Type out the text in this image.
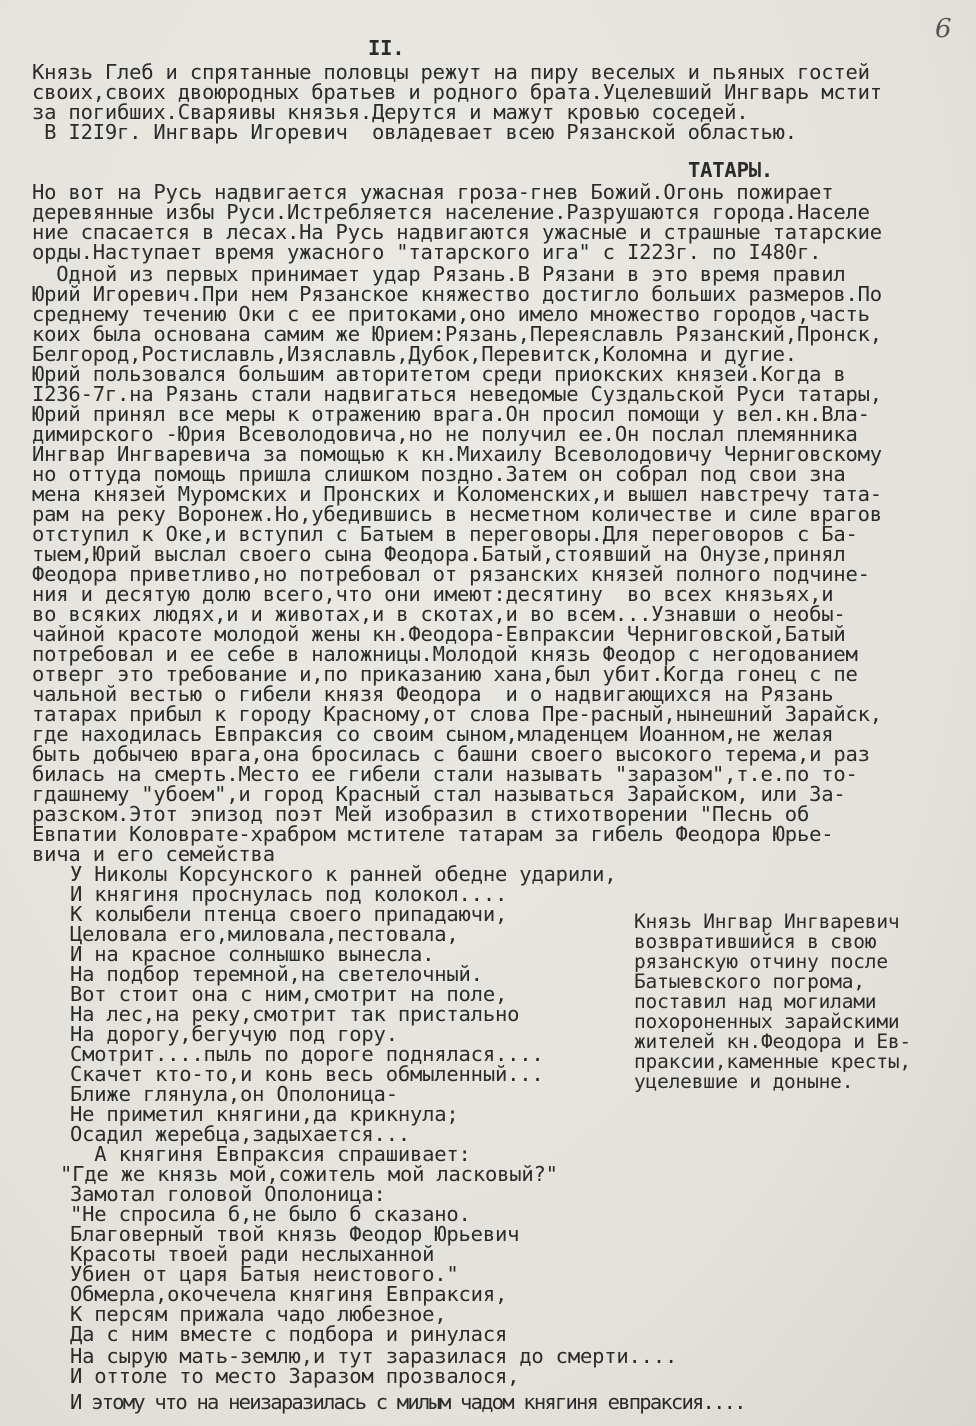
6
II.
Князь Глеб и спрятанные половцы режут на пиру веселых и пьяных гостей
своих,своих двоюродных братьев и родного брата.Уцелевший Ингварь мстит
за погибших.Сваряивы князья.Дерутся и мажут кровью соседей.
В I2I9г. Ингварь Игоревич  овладевает всею Рязанской областью.
ТАТАРЫ.
Но вот на Русь надвигается ужасная гроза-гнев Божий.Огонь пожирает
деревянные избы Руси.Истребляется население.Разрушаются города.Населе
ние спасается в лесах.На Русь надвигаются ужасные и страшные татарские
орды.Наступает время ужасного "татарского ига" с I223г. по I480г.
Одной из первых принимает удар Рязань.В Рязани в это время правил
Юрий Игоревич.При нем Рязанское княжество достигло больших размеров.По
среднему течению Оки с ее притоками,оно имело множество городов,часть
коих была основана самим же Юрием:Рязань,Переяславль Рязанский,Пронск,
Белгород,Ростиславль,Изяславль,Дубок,Перевитск,Коломна и дугие.
Юрий пользовался большим авторитетом среди приокских князей.Когда в
I236-7г.на Рязань стали надвигаться неведомые Суздальской Руси татары,
Юрий принял все меры к отражению врага.Он просил помощи у вел.кн.Вла-
димирского -Юрия Всеволодовича,но не получил ее.Он послал племянника
Ингвар Ингваревича за помощью к кн.Михаилу Всеволодовичу Черниговскому
но оттуда помощь пришла слишком поздно.Затем он собрал под свои зна
мена князей Муромских и Пронских и Коломенских,и вышел навстречу тата-
рам на реку Воронеж.Но,убедившись в несметном количестве и силе врагов
отступил к Оке,и вступил с Батыем в переговоры.Для переговоров с Ба-
тыем,Юрий выслал своего сына Феодора.Батый,стоявший на Онузе,принял
Феодора приветливо,но потребовал от рязанских князей полного подчине-
ния и десятую долю всего,что они имеют:десятину  во всех князьях,и
во всяких людях,и и животах,и в скотах,и во всем...Узнавши о необы-
чайной красоте молодой жены кн.Феодора-Евпраксии Черниговской,Батый
потребовал и ее себе в наложницы.Молодой князь Феодор с негодованием
отверг это требование и,по приказанию хана,был убит.Когда гонец с пе
чальной вестью о гибели князя Феодора  и о надвигающихся на Рязань
татарах прибыл к городу Красному,от слова Пре-расный,нынешний Зарайск,
где находилась Евпраксия со своим сыном,младенцем Иоанном,не желая
быть добычею врага,она бросилась с башни своего высокого терема,и раз
билась на смерть.Место ее гибели стали называть "заразом",т.е.по то-
гдашнему "убоем",и город Красный стал называться Зарайском, или За-
разском.Этот эпизод поэт Мей изобразил в стихотворении "Песнь об
Евпатии Коловрате-храбром мстителе татарам за гибель Феодора Юрье-
вича и его семейства
У Николы Корсунского к ранней обедне ударили,
И княгиня проснулась под колокол....
К колыбели птенца своего припадаючи,
Целовала его,миловала,пестовала,
И на красное солнышко вынесла.
На подбор теремной,на светелочный.
Вот стоит она с ним,смотрит на поле,
На лес,на реку,смотрит так пристально
На дорогу,бегучую под гору.
Смотрит....пыль по дороге поднялася....
Скачет кто-то,и конь весь обмыленный...
Ближе глянула,он Ополоница-
Не приметил княгини,да крикнула;
Осадил жеребца,задыхается...
А княгиня Евпраксия спрашивает:
"Где же князь мой,сожитель мой ласковый?"
Замотал головой Ополоница:
"Не спросила б,не было б сказано.
Благоверный твой князь Феодор Юрьевич
Красоты твоей ради неслыханной
Убиен от царя Батыя неистового."
Обмерла,окочечела княгиня Евпраксия,
К персям прижала чадо любезное,
Да с ним вместе с подбора и ринулася
На сырую мать-землю,и тут заразилася до смерти....
И оттоле то место Заразом прозвалося,
И этому что на неизаразилась с милым чадом княгиня евпраксия....
Князь Ингвар Ингваревич
возвратившийся в свою
рязанскую отчину после
Батыевского погрома,
поставил над могилами
похороненных зарайскими
жителей кн.Феодора и Ев-
праксии,каменные кресты,
уцелевшие и доныне.
